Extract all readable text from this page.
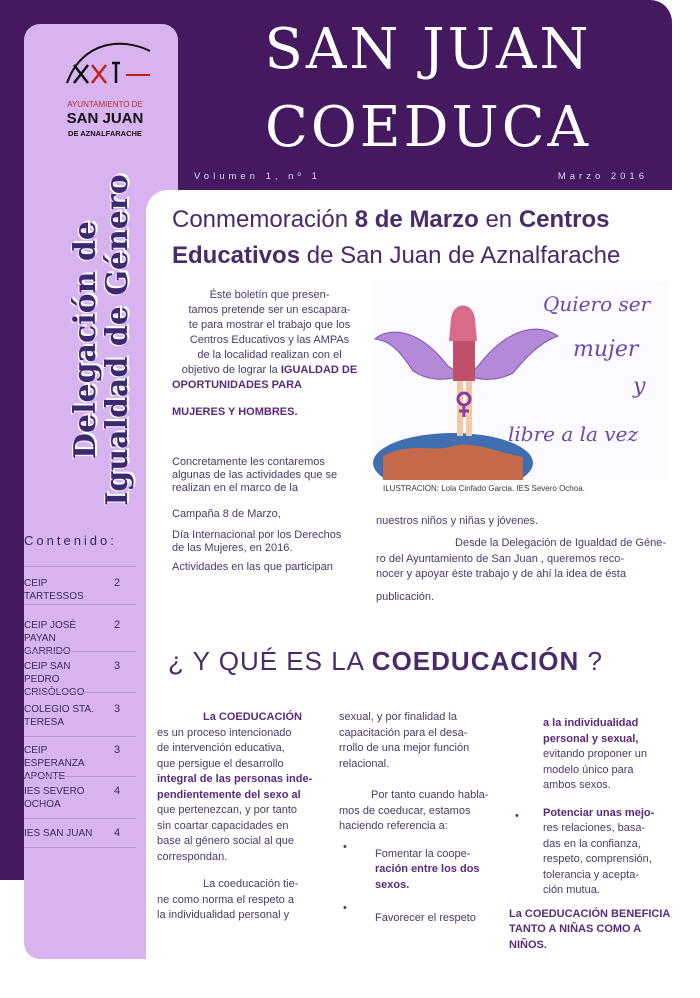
SAN JUAN
COEDUCA
Volumen 1, nº 1	Marzo 2016
AYUNTAMIENTO DE
SAN JUAN
DE AZNALFARACHE
Delegación de
Igualdad de Género
Contenido:
CEIP TARTESSOS
2
CEIP JOSÉ PAYAN GARRIDO
2
CEIP SAN PEDRO CRISÓLOGO
3
COLEGIO STA. TERESA
3
CEIP ESPERANZA APONTE
3
IES SEVERO OCHOA
4
IES SAN JUAN	4
Conmemoración 8 de Marzo en Centros
Educativos de San Juan de Aznalfarache
Éste boletín que presen-
tamos pretende ser un escapara-
te para mostrar el trabajo que los
Centros Educativos y las AMPAs
de la localidad realizan con el
objetivo de lograr la IGUALDAD DE
OPORTUNIDADES PARA
MUJERES Y HOMBRES.
Concretamente les contaremos
algunas de las actividades que se
realizan en el marco de la
Campaña 8 de Marzo,
Día Internacional por los Derechos
de las Mujeres, en 2016.
Actividades en las que participan
Quiero ser
mujer
y
libre a la vez
ILUSTRACION: Lola Cinfado Garcia. IES Severo Ochoa.
nuestros niños y niñas y jóvenes.
Desde la Delegación de Igualdad de Géne-
ro del Ayuntamiento de San Juan , queremos reco-
nocer y apoyar éste trabajo y de ahí la idea de ésta
publicación.
¿ Y QUÉ ES LA COEDUCACIÓN ?
La COEDUCACIÓN
es un proceso intencionado
de intervención educativa,
que persigue el desarrollo
integral de las personas inde-
pendientemente del sexo al
que pertenezcan, y por tanto
sin coartar capacidades en
base al género social al que
correspondan.
La coeducación tie-
ne como norma el respeto a
la individualidad personal y
sexual, y por finalidad la
capacitación para el desa-
rrollo de una mejor función
relacional.
Por tanto cuando habla-
mos de coeducar, estamos
haciendo referencia a:
Fomentar la coope-
ración entre los dos
sexos.
Favorecer el respeto
•
•
a la individualidad
personal y sexual,
evitando proponer un
modelo único para
ambos sexos.
Potenciar unas mejo-
res relaciones, basa-
das en la confianza,
respeto, comprensión,
tolerancia y acepta-
ción mutua.
La COEDUCACIÓN BENEFICIA
TANTO A NIÑAS COMO A
NIÑOS.
•
